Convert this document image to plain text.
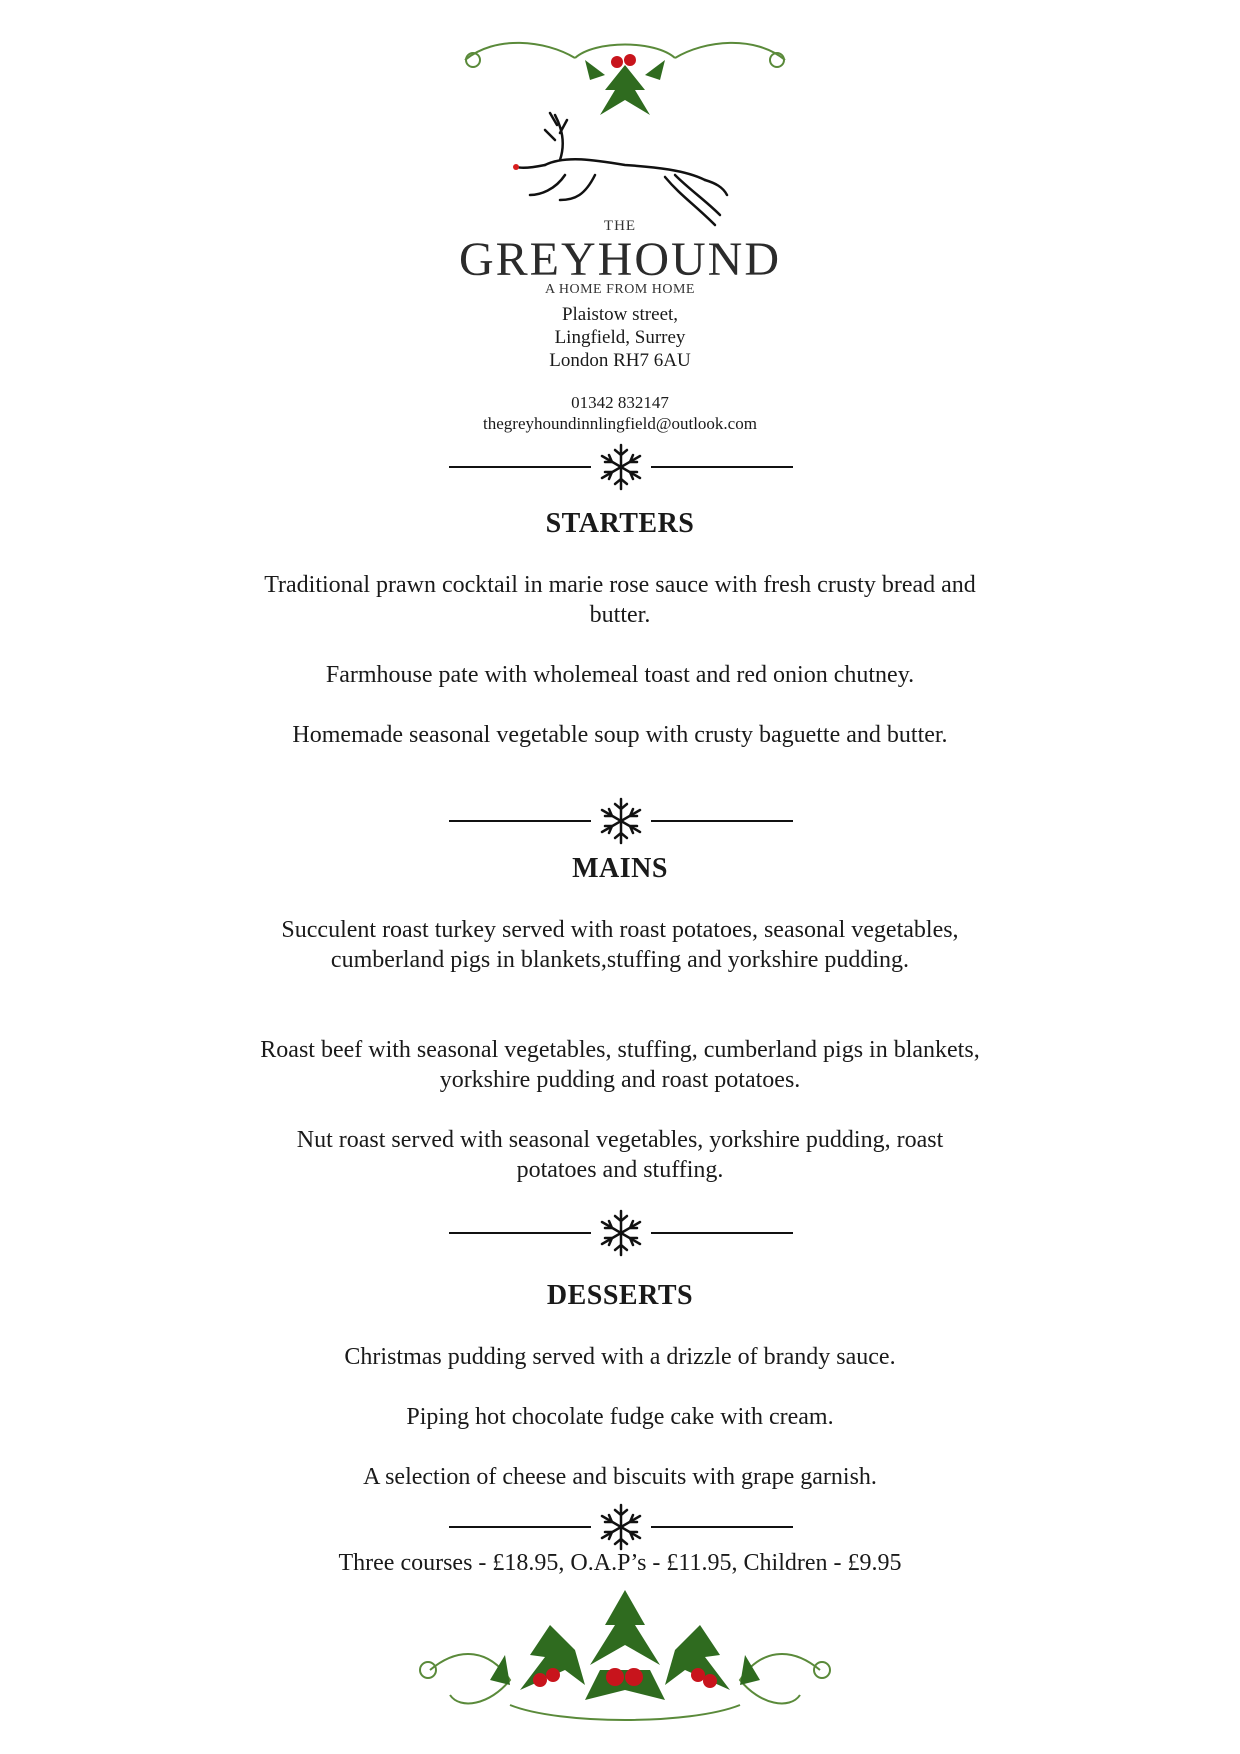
THE
GREYHOUND
A HOME FROM HOME
Plaistow street,
Lingfield, Surrey
London RH7 6AU
01342 832147
thegreyhoundinnlingfield@outlook.com
STARTERS
Traditional prawn cocktail in marie rose sauce with fresh crusty bread and butter.
Farmhouse pate with wholemeal toast and red onion chutney.
Homemade seasonal vegetable soup with crusty baguette and butter.
MAINS
Succulent roast turkey served with roast potatoes, seasonal vegetables, cumberland pigs in blankets,stuffing and yorkshire pudding.
Roast beef with seasonal vegetables, stuffing, cumberland pigs in blankets, yorkshire pudding and roast potatoes.
Nut roast served with seasonal vegetables, yorkshire pudding, roast potatoes and stuffing.
DESSERTS
Christmas pudding served with a drizzle of brandy sauce.
Piping hot chocolate fudge cake with cream.
A selection of cheese and biscuits with grape garnish.
Three courses - £18.95, O.A.P’s - £11.95, Children - £9.95
